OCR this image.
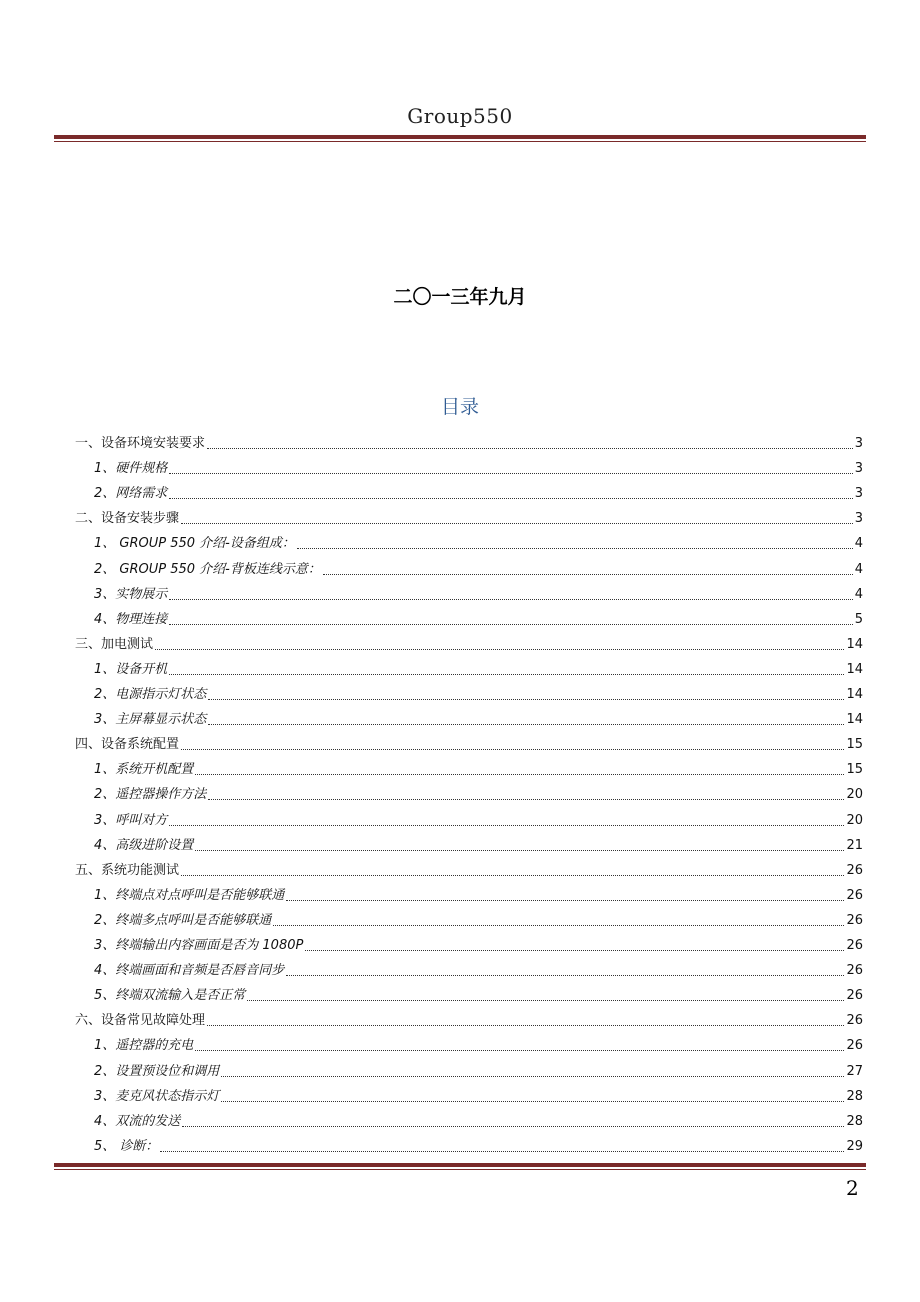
Group550
二〇一三年九月
目录
一、设备环境安装要求	3
1、硬件规格	3
2、网络需求	3
二、设备安装步骤	3
1、 GROUP 550 介绍-设备组成：	4
2、 GROUP 550 介绍-背板连线示意：	4
3、实物展示	4
4、物理连接	5
三、加电测试	14
1、设备开机	14
2、电源指示灯状态	14
3、主屏幕显示状态	14
四、设备系统配置	15
1、系统开机配置	15
2、遥控器操作方法	20
3、呼叫对方	20
4、高级进阶设置	21
五、系统功能测试	26
1、终端点对点呼叫是否能够联通	26
2、终端多点呼叫是否能够联通	26
3、终端输出内容画面是否为 1080P	26
4、终端画面和音频是否唇音同步	26
5、终端双流输入是否正常	26
六、设备常见故障处理	26
1、遥控器的充电	26
2、设置预设位和调用	27
3、麦克风状态指示灯	28
4、双流的发送	28
5、 诊断：	29
2
